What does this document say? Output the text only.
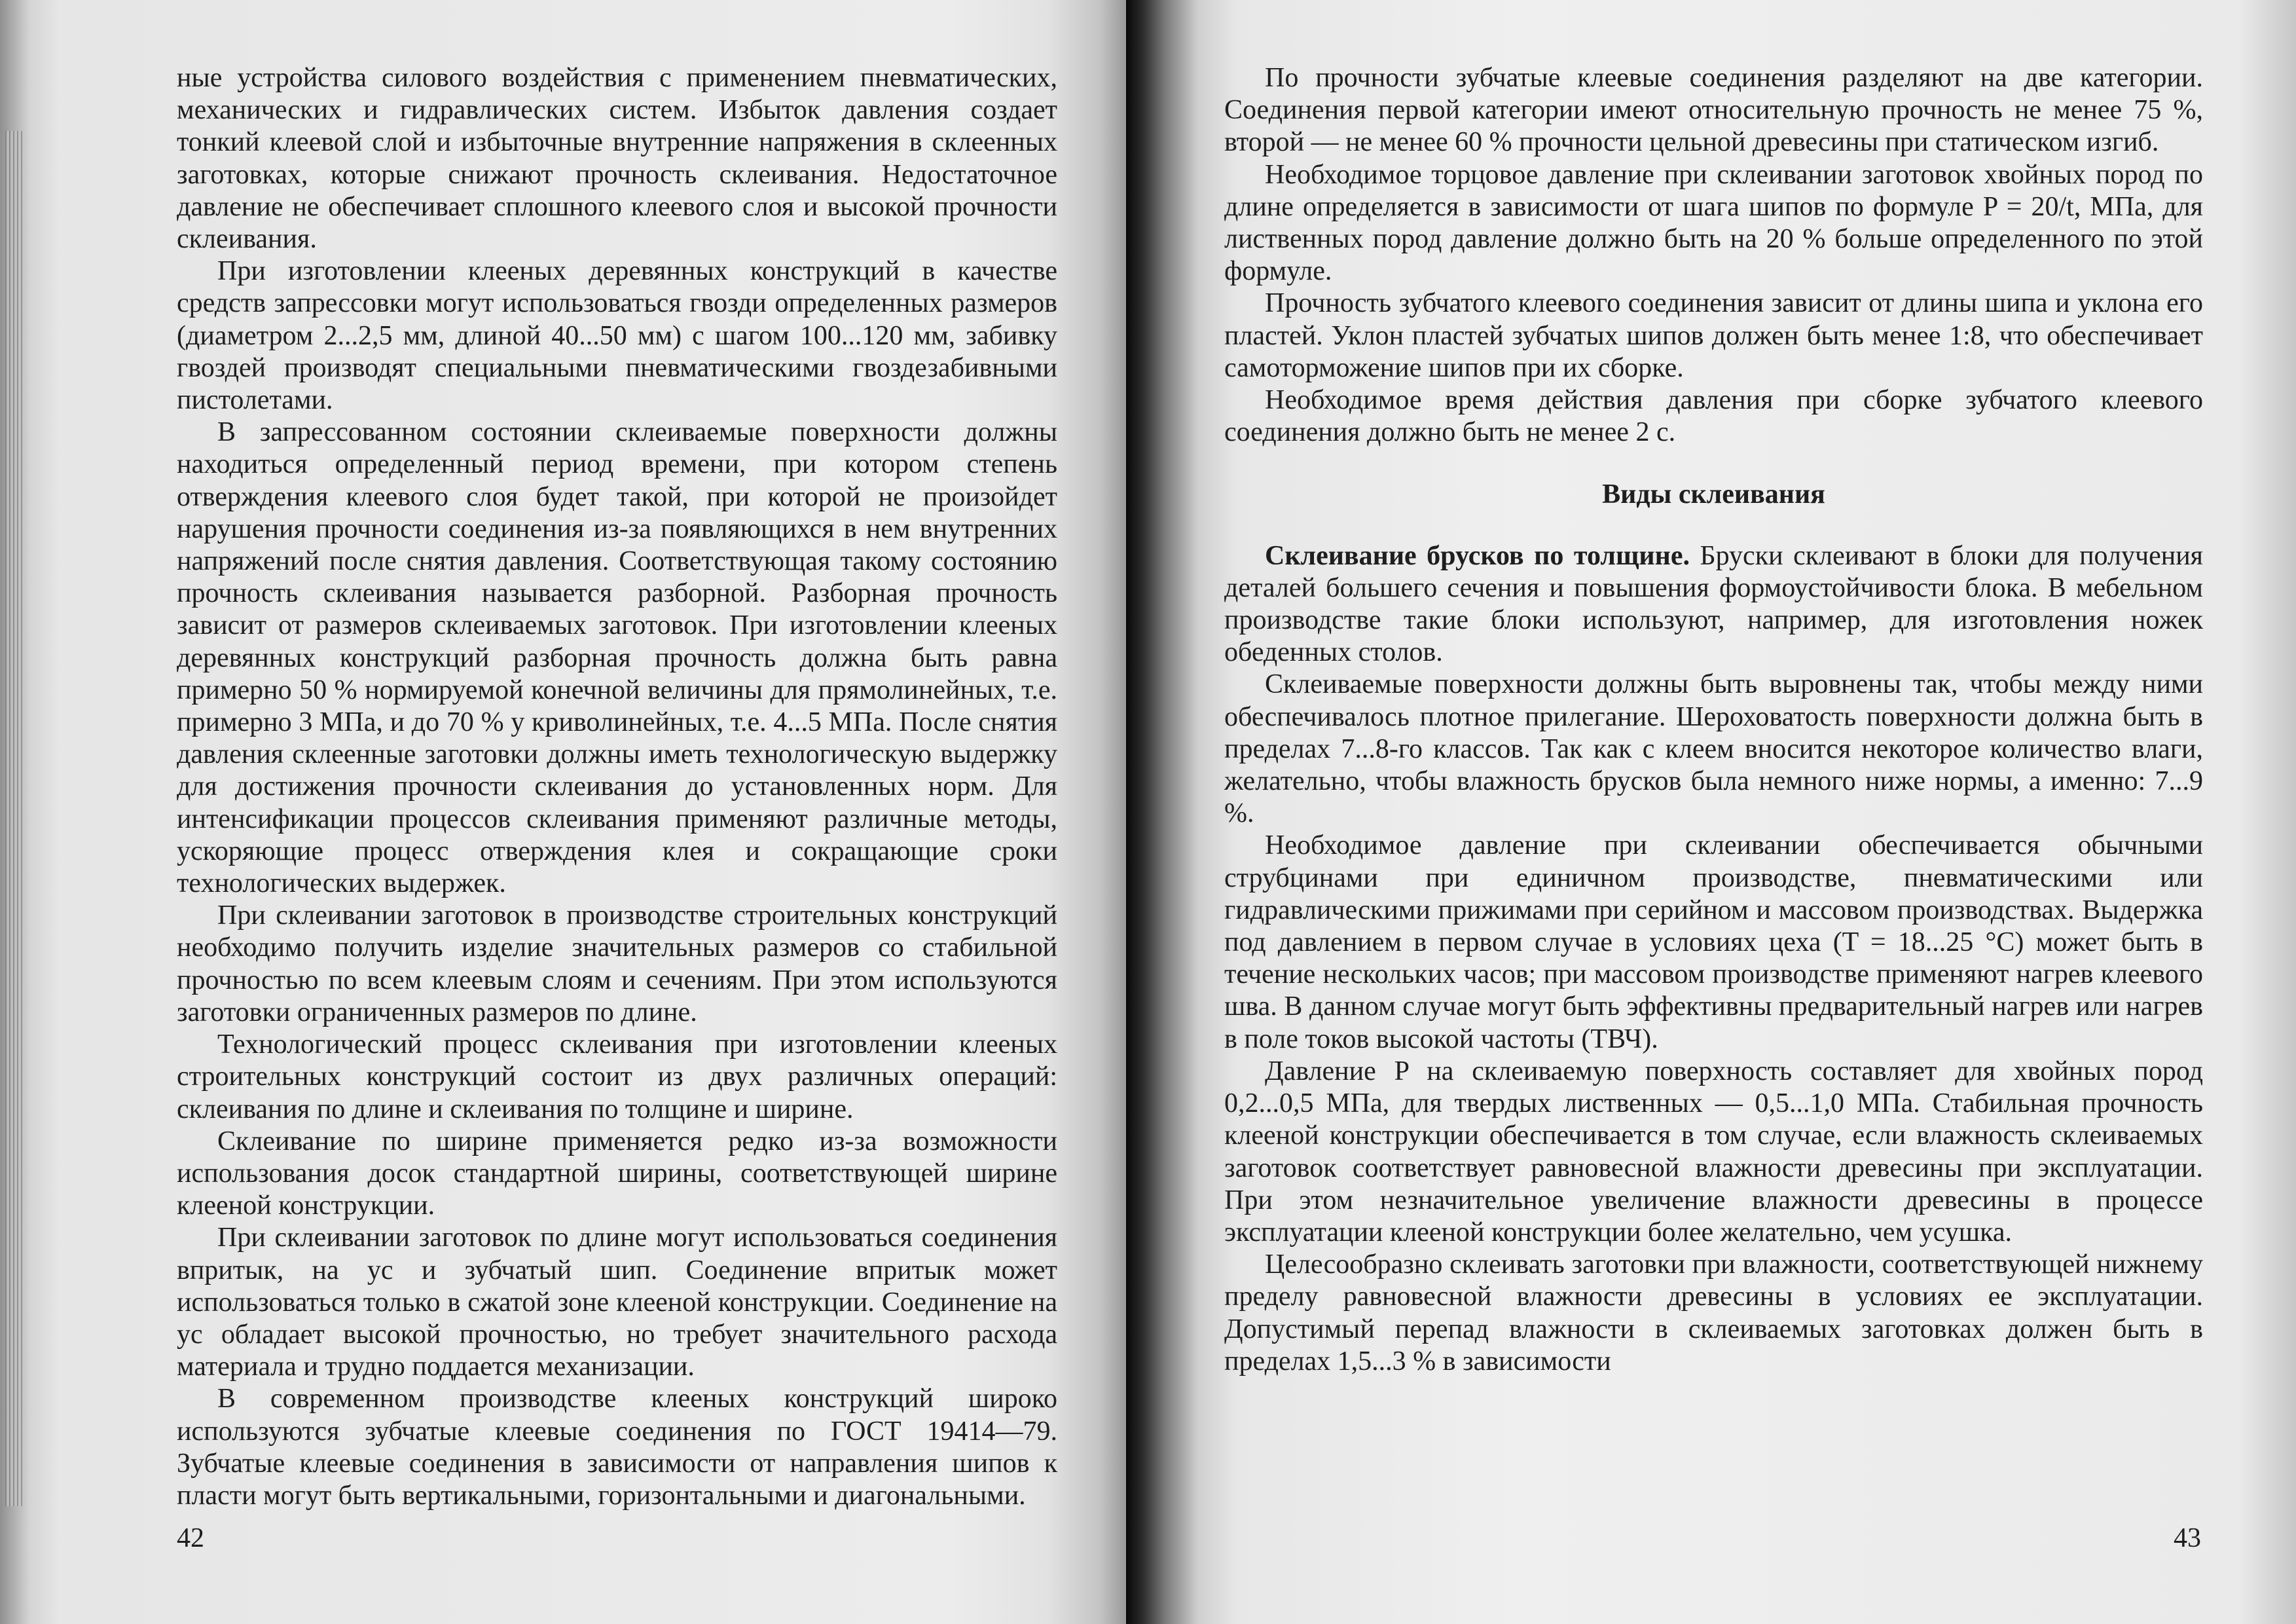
ные устройства силового воздействия с применением пневматических, механических и гидравлических систем. Избыток давления создает тонкий клеевой слой и избыточные внутренние напряжения в склеенных заготовках, которые снижают прочность склеивания. Недостаточное давление не обеспечивает сплошного клеевого слоя и высокой прочности склеивания.

При изготовлении клееных деревянных конструкций в качестве средств запрессовки могут использоваться гвозди определенных размеров (диаметром 2...2,5 мм, длиной 40...50 мм) с шагом 100...120 мм, забивку гвоздей производят специальными пневматическими гвоздезабивными пистолетами.

В запрессованном состоянии склеиваемые поверхности должны находиться определенный период времени, при котором степень отверждения клеевого слоя будет такой, при которой не произойдет нарушения прочности соединения из-за появляющихся в нем внутренних напряжений после снятия давления. Соответствующая такому состоянию прочность склеивания называется разборной. Разборная прочность зависит от размеров склеиваемых заготовок. При изготовлении клееных деревянных конструкций разборная прочность должна быть равна примерно 50 % нормируемой конечной величины для прямолинейных, т.е. примерно 3 МПа, и до 70 % у криволинейных, т.е. 4...5 МПа. После снятия давления склеенные заготовки должны иметь технологическую выдержку для достижения прочности склеивания до установленных норм. Для интенсификации процессов склеивания применяют различные методы, ускоряющие процесс отверждения клея и сокращающие сроки технологических выдержек.

При склеивании заготовок в производстве строительных конструкций необходимо получить изделие значительных размеров со стабильной прочностью по всем клеевым слоям и сечениям. При этом используются заготовки ограниченных размеров по длине.

Технологический процесс склеивания при изготовлении клееных строительных конструкций состоит из двух различных операций: склеивания по длине и склеивания по толщине и ширине.

Склеивание по ширине применяется редко из-за возможности использования досок стандартной ширины, соответствующей ширине клееной конструкции.

При склеивании заготовок по длине могут использоваться соединения впритык, на ус и зубчатый шип. Соединение впритык может использоваться только в сжатой зоне клееной конструкции. Соединение на ус обладает высокой прочностью, но требует значительного расхода материала и трудно поддается механизации.

В современном производстве клееных конструкций широко используются зубчатые клеевые соединения по ГОСТ 19414—79. Зубчатые клеевые соединения в зависимости от направления шипов к пласти могут быть вертикальными, горизонтальными и диагональными.

42

По прочности зубчатые клеевые соединения разделяют на две категории. Соединения первой категории имеют относительную прочность не менее 75 %, второй — не менее 60 % прочности цельной древесины при статическом изгиб.

Необходимое торцовое давление при склеивании заготовок хвойных пород по длине определяется в зависимости от шага шипов по формуле P = 20/t, МПа, для лиственных пород давление должно быть на 20 % больше определенного по этой формуле.

Прочность зубчатого клеевого соединения зависит от длины шипа и уклона его пластей. Уклон пластей зубчатых шипов должен быть менее 1:8, что обеспечивает самоторможение шипов при их сборке.

Необходимое время действия давления при сборке зубчатого клеевого соединения должно быть не менее 2 с.

Виды склеивания

Склеивание брусков по толщине. Бруски склеивают в блоки для получения деталей большего сечения и повышения формоустойчивости блока. В мебельном производстве такие блоки используют, например, для изготовления ножек обеденных столов.

Склеиваемые поверхности должны быть выровнены так, чтобы между ними обеспечивалось плотное прилегание. Шероховатость поверхности должна быть в пределах 7...8-го классов. Так как с клеем вносится некоторое количество влаги, желательно, чтобы влажность брусков была немного ниже нормы, а именно: 7...9 %.

Необходимое давление при склеивании обеспечивается обычными струбцинами при единичном производстве, пневматическими или гидравлическими прижимами при серийном и массовом производствах. Выдержка под давлением в первом случае в условиях цеха (T = 18...25 °С) может быть в течение нескольких часов; при массовом производстве применяют нагрев клеевого шва. В данном случае могут быть эффективны предварительный нагрев или нагрев в поле токов высокой частоты (ТВЧ).

Давление P на склеиваемую поверхность составляет для хвойных пород 0,2...0,5 МПа, для твердых лиственных — 0,5...1,0 МПа. Стабильная прочность клееной конструкции обеспечивается в том случае, если влажность склеиваемых заготовок соответствует равновесной влажности древесины при эксплуатации. При этом незначительное увеличение влажности древесины в процессе эксплуатации клееной конструкции более желательно, чем усушка.

Целесообразно склеивать заготовки при влажности, соответствующей нижнему пределу равновесной влажности древесины в условиях ее эксплуатации. Допустимый перепад влажности в склеиваемых заготовках должен быть в пределах 1,5...3 % в зависимости

43
